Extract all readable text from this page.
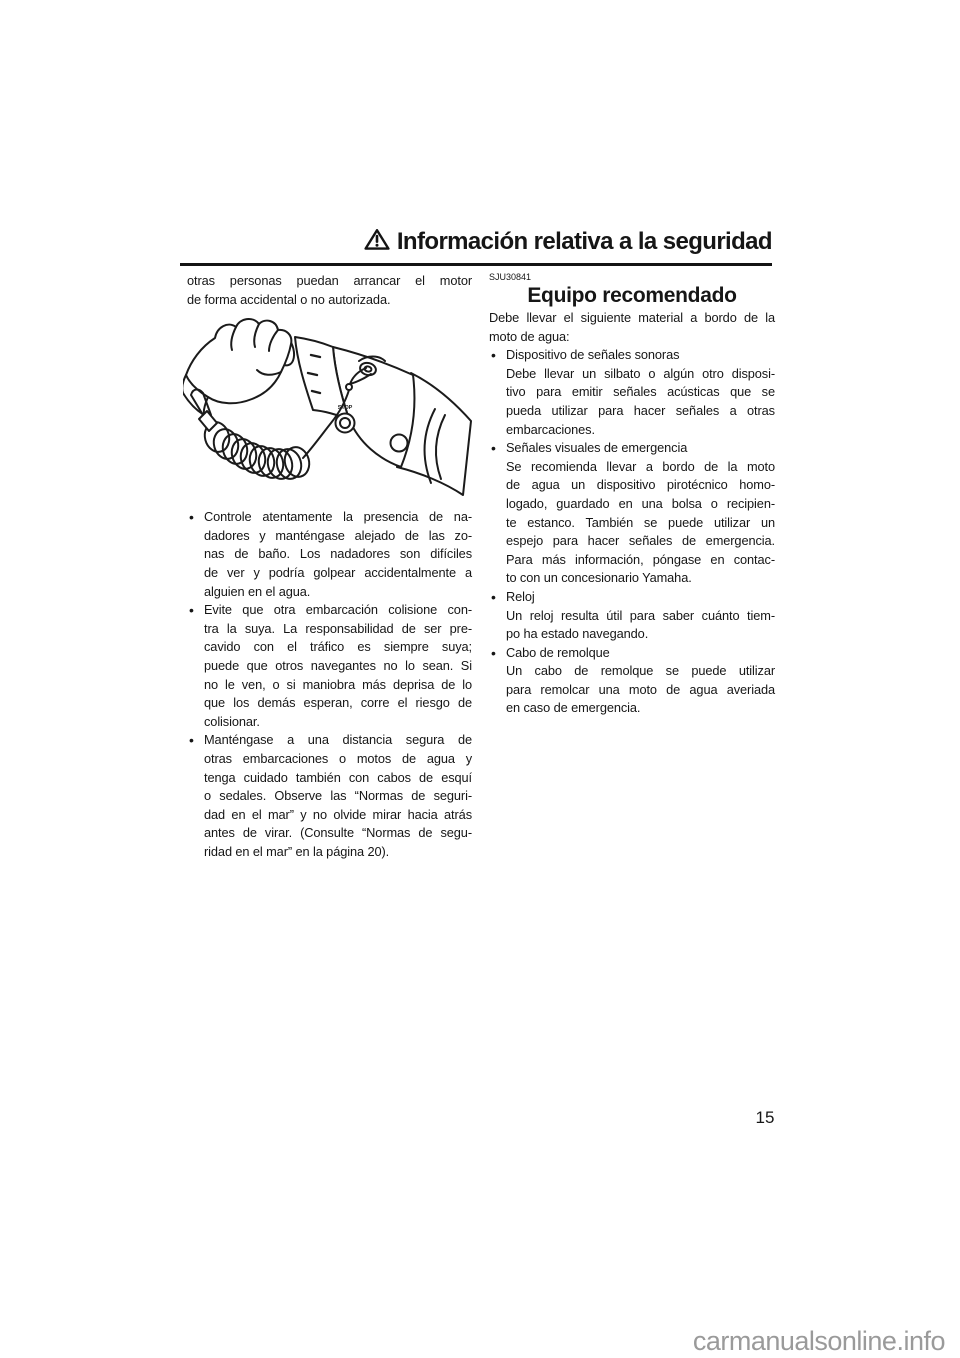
Información relativa a la seguridad
otras personas puedan arrancar el motor
de forma accidental o no autorizada.
STOP
• Controle atentamente la presencia de na-
dadores y manténgase alejado de las zo-
nas de baño. Los nadadores son difíciles
de ver y podría golpear accidentalmente a
alguien en el agua.
• Evite que otra embarcación colisione con-
tra la suya. La responsabilidad de ser pre-
cavido con el tráfico es siempre suya;
puede que otros navegantes no lo sean. Si
no le ven, o si maniobra más deprisa de lo
que los demás esperan, corre el riesgo de
colisionar.
• Manténgase a una distancia segura de
otras embarcaciones o motos de agua y
tenga cuidado también con cabos de esquí
o sedales. Observe las “Normas de seguri-
dad en el mar” y no olvide mirar hacia atrás
antes de virar. (Consulte “Normas de segu-
ridad en el mar” en la página 20).
SJU30841
Equipo recomendado
Debe llevar el siguiente material a bordo de la
moto de agua:
• Dispositivo de señales sonoras
Debe llevar un silbato o algún otro disposi-
tivo para emitir señales acústicas que se
pueda utilizar para hacer señales a otras
embarcaciones.
• Señales visuales de emergencia
Se recomienda llevar a bordo de la moto
de agua un dispositivo pirotécnico homo-
logado, guardado en una bolsa o recipien-
te estanco. También se puede utilizar un
espejo para hacer señales de emergencia.
Para más información, póngase en contac-
to con un concesionario Yamaha.
• Reloj
Un reloj resulta útil para saber cuánto tiem-
po ha estado navegando.
• Cabo de remolque
Un cabo de remolque se puede utilizar
para remolcar una moto de agua averiada
en caso de emergencia.
15
carmanualsonline.info
